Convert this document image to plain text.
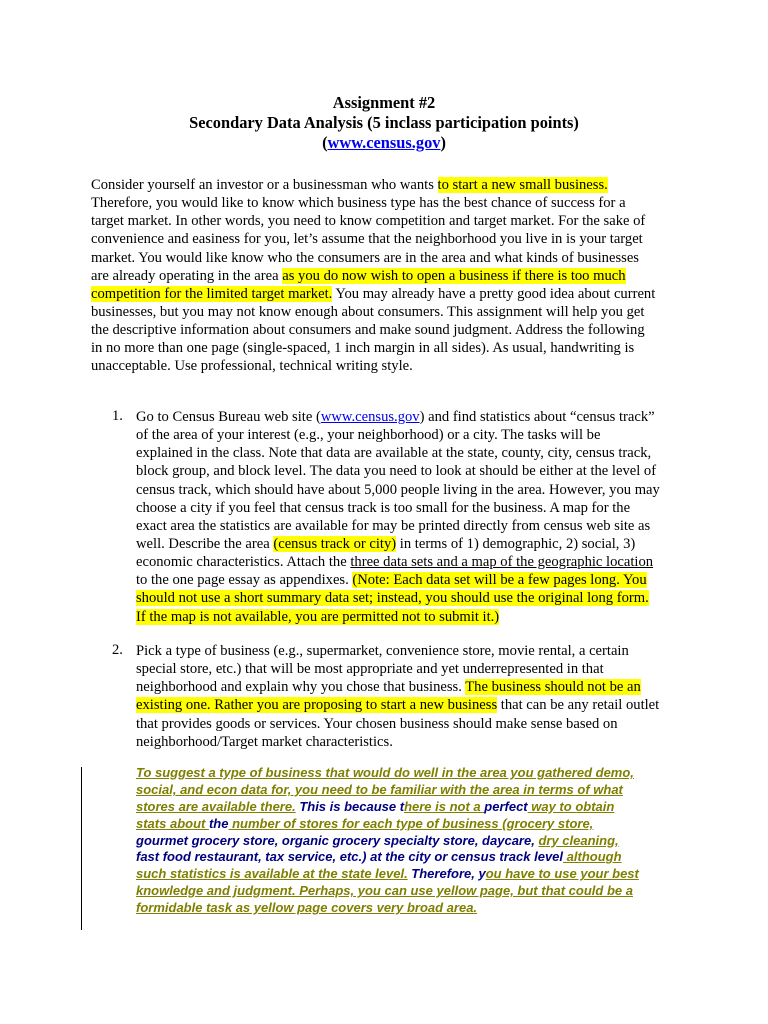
Assignment #2
Secondary Data Analysis (5 inclass participation points)
(www.census.gov)
Consider yourself an investor or a businessman who wants to start a new small business.
Therefore, you would like to know which business type has the best chance of success for a
target market. In other words, you need to know competition and target market. For the sake of
convenience and easiness for you, let’s assume that the neighborhood you live in is your target
market. You would like know who the consumers are in the area and what kinds of businesses
are already operating in the area as you do now wish to open a business if there is too much
competition for the limited target market. You may already have a pretty good idea about current
businesses, but you may not know enough about consumers. This assignment will help you get
the descriptive information about consumers and make sound judgment. Address the following
in no more than one page (single-spaced, 1 inch margin in all sides). As usual, handwriting is
unacceptable. Use professional, technical writing style.
1. Go to Census Bureau web site (www.census.gov) and find statistics about “census track”
of the area of your interest (e.g., your neighborhood) or a city. The tasks will be
explained in the class. Note that data are available at the state, county, city, census track,
block group, and block level. The data you need to look at should be either at the level of
census track, which should have about 5,000 people living in the area. However, you may
choose a city if you feel that census track is too small for the business. A map for the
exact area the statistics are available for may be printed directly from census web site as
well. Describe the area (census track or city) in terms of 1) demographic, 2) social, 3)
economic characteristics. Attach the three data sets and a map of the geographic location
to the one page essay as appendixes. (Note: Each data set will be a few pages long. You
should not use a short summary data set; instead, you should use the original long form.
If the map is not available, you are permitted not to submit it.)
2. Pick a type of business (e.g., supermarket, convenience store, movie rental, a certain
special store, etc.) that will be most appropriate and yet underrepresented in that
neighborhood and explain why you chose that business. The business should not be an
existing one. Rather you are proposing to start a new business that can be any retail outlet
that provides goods or services. Your chosen business should make sense based on
neighborhood/Target market characteristics.
To suggest a type of business that would do well in the area you gathered demo,
social, and econ data for, you need to be familiar with the area in terms of what
stores are available there. This is because there is not a perfect way to obtain
stats about the number of stores for each type of business (grocery store,
gourmet grocery store, organic grocery specialty store, daycare, dry cleaning,
fast food restaurant, tax service, etc.) at the city or census track level although
such statistics is available at the state level. Therefore, you have to use your best
knowledge and judgment. Perhaps, you can use yellow page, but that could be a
formidable task as yellow page covers very broad area.
